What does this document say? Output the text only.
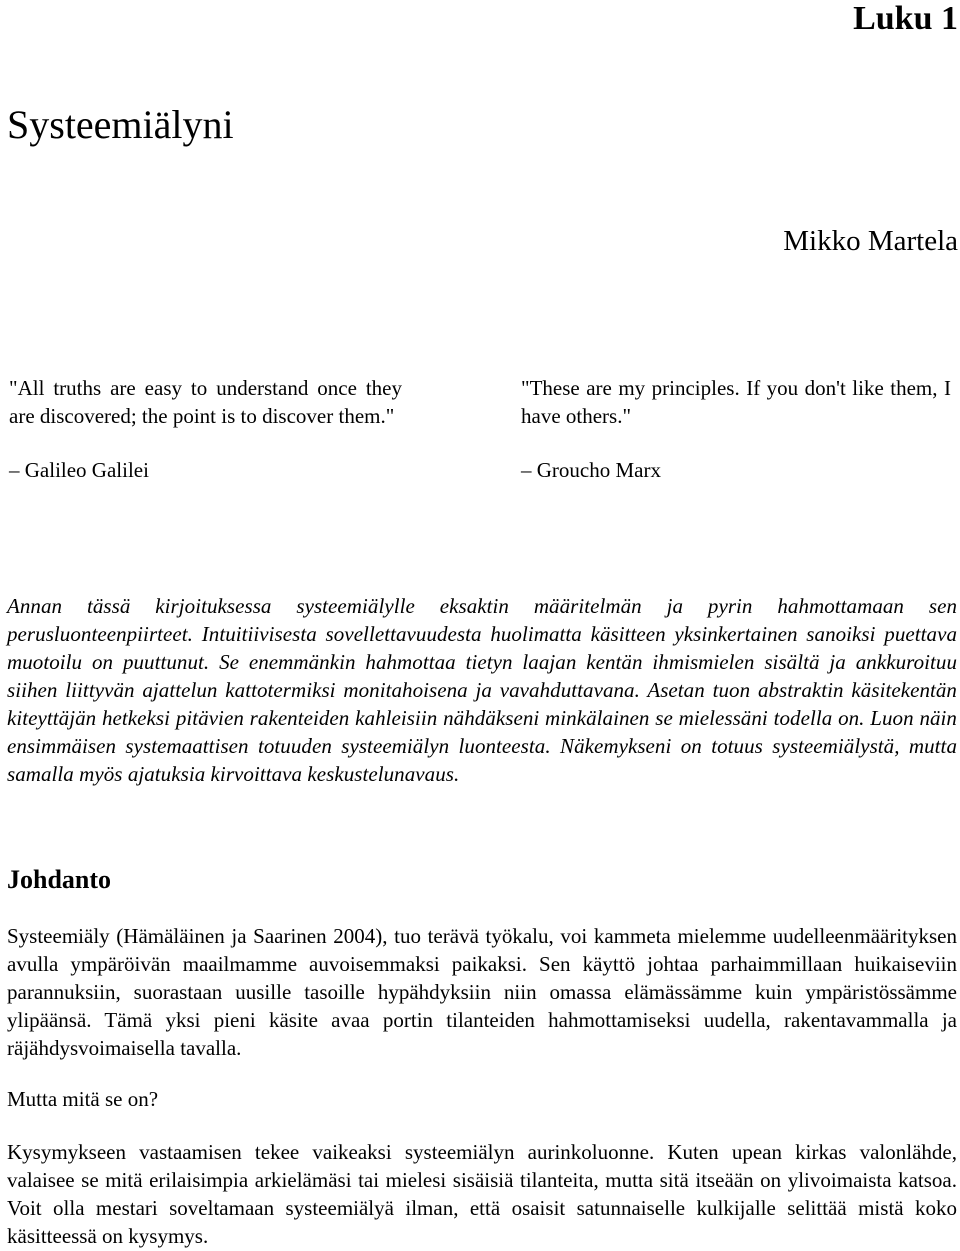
Luku 1
Systeemiälyni
Mikko Martela

"All truths are easy to understand once they are discovered; the point is to discover them."

– Galileo Galilei

"These are my principles. If you don't like them, I have others."

– Groucho Marx

Annan tässä kirjoituksessa systeemiälylle eksaktin määritelmän ja pyrin hahmottamaan sen perusluonteenpiirteet. Intuitiivisesta sovellettavuudesta huolimatta käsitteen yksinkertainen sanoiksi puettava muotoilu on puuttunut. Se enemmänkin hahmottaa tietyn laajan kentän ihmismielen sisältä ja ankkuroituu siihen liittyvän ajattelun kattotermiksi monitahoisena ja vavahduttavana. Asetan tuon abstraktin käsitekentän kiteyttäjän hetkeksi pitävien rakenteiden kahleisiin nähdäkseni minkälainen se mielessäni todella on. Luon näin ensimmäisen systemaattisen totuuden systeemiälyn luonteesta. Näkemykseni on totuus systeemiälystä, mutta samalla myös ajatuksia kirvoittava keskustelunavaus.

Johdanto

Systeemiäly (Hämäläinen ja Saarinen 2004), tuo terävä työkalu, voi kammeta mielemme uudelleenmäärityksen avulla ympäröivän maailmamme auvoisemmaksi paikaksi. Sen käyttö johtaa parhaimmillaan huikaiseviin parannuksiin, suorastaan uusille tasoille hypähdyksiin niin omassa elämässämme kuin ympäristössämme ylipäänsä. Tämä yksi pieni käsite avaa portin tilanteiden hahmottamiseksi uudella, rakentavammalla ja räjähdysvoimaisella tavalla.

Mutta mitä se on?

Kysymykseen vastaamisen tekee vaikeaksi systeemiälyn aurinkoluonne. Kuten upean kirkas valonlähde, valaisee se mitä erilaisimpia arkielämäsi tai mielesi sisäisiä tilanteita, mutta sitä itseään on ylivoimaista katsoa. Voit olla mestari soveltamaan systeemiälyä ilman, että osaisit satunnaiselle kulkijalle selittää mistä koko käsitteessä on kysymys.
